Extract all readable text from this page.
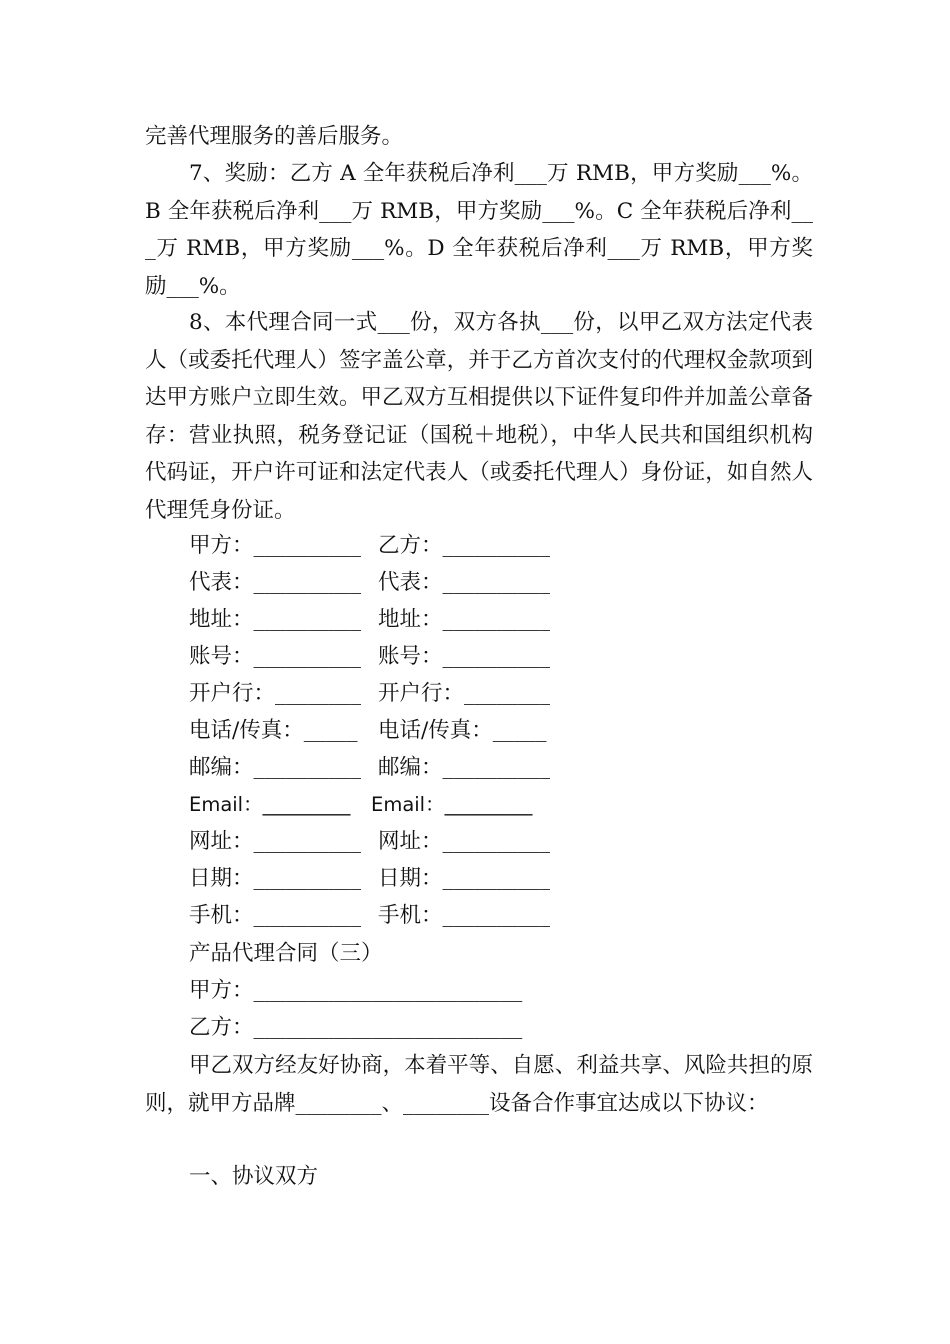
完善代理服务的善后服务。

7、奖励：乙方 A 全年获税后净利___万 RMB，甲方奖励___%。B 全年获税后净利___万 RMB，甲方奖励___%。C 全年获税后净利___万 RMB，甲方奖励___%。D 全年获税后净利___万 RMB，甲方奖励___%。

8、本代理合同一式___份，双方各执___份，以甲乙双方法定代表人（或委托代理人）签字盖公章，并于乙方首次支付的代理权金款项到达甲方账户立即生效。甲乙双方互相提供以下证件复印件并加盖公章备存：营业执照，税务登记证（国税＋地税），中华人民共和国组织机构代码证，开户许可证和法定代表人（或委托代理人）身份证，如自然人代理凭身份证。

甲方：__________ 乙方：__________
代表：__________ 代表：__________
地址：__________ 地址：__________
账号：__________ 账号：__________
开户行：________ 开户行：________
电话/传真：_____ 电话/传真：_____
邮编：__________ 邮编：__________
Email：_________ Email：_________
网址：__________ 网址：__________
日期：__________ 日期：__________
手机：__________ 手机：__________

产品代理合同（三）

甲方：_________________________

乙方：_________________________

甲乙双方经友好协商，本着平等、自愿、利益共享、风险共担的原则，就甲方品牌________、________设备合作事宜达成以下协议：

一、协议双方
